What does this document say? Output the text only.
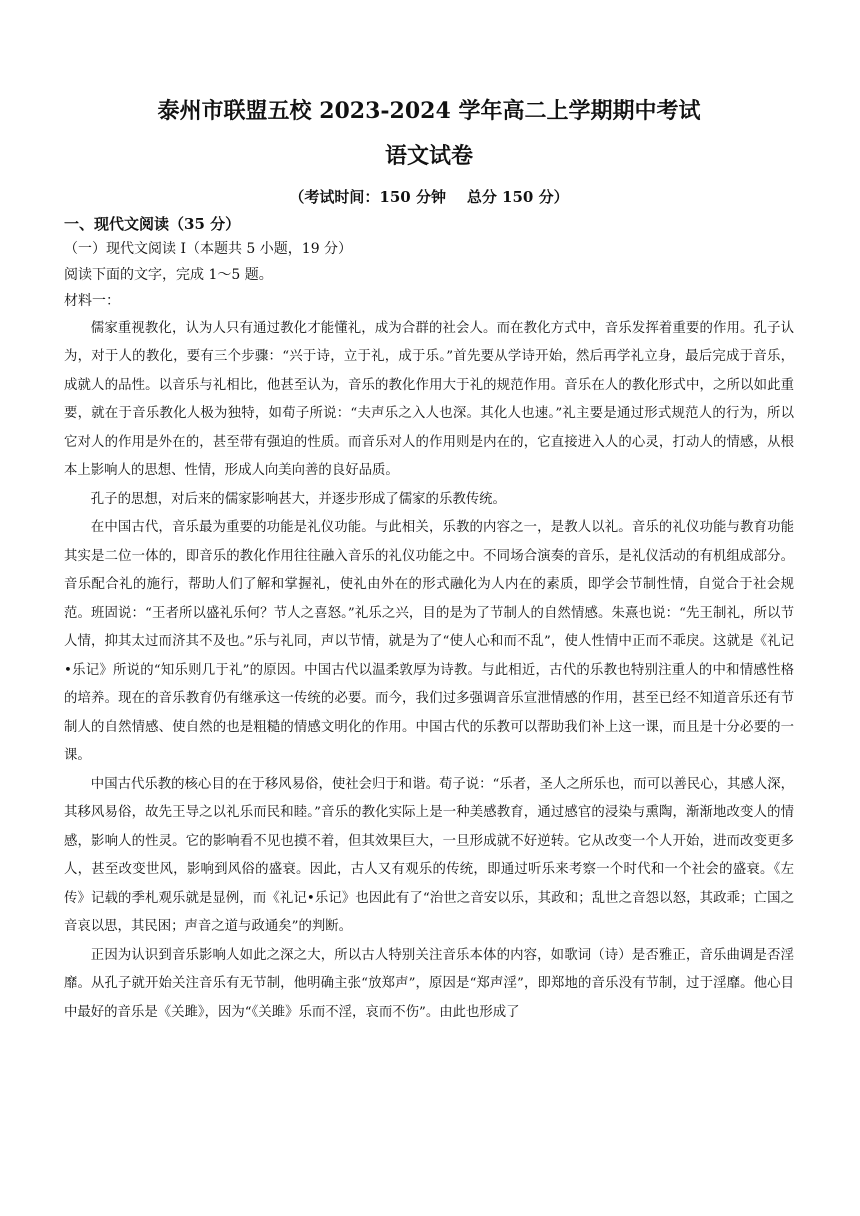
泰州市联盟五校 2023-2024 学年高二上学期期中考试
语文试卷
（考试时间：150 分钟    总分 150 分）
一、现代文阅读（35 分）
（一）现代文阅读 I（本题共 5 小题，19 分）
阅读下面的文字，完成 1～5 题。
材料一：

儒家重视教化，认为人只有通过教化才能懂礼，成为合群的社会人。而在教化方式中，音乐发挥着重要的作用。孔子认为，对于人的教化，要有三个步骤：“兴于诗，立于礼，成于乐。”首先要从学诗开始，然后再学礼立身，最后完成于音乐，成就人的品性。以音乐与礼相比，他甚至认为，音乐的教化作用大于礼的规范作用。音乐在人的教化形式中，之所以如此重要，就在于音乐教化人极为独特，如荀子所说：“夫声乐之入人也深。其化人也速。”礼主要是通过形式规范人的行为，所以它对人的作用是外在的，甚至带有强迫的性质。而音乐对人的作用则是内在的，它直接进入人的心灵，打动人的情感，从根本上影响人的思想、性情，形成人向美向善的良好品质。

孔子的思想，对后来的儒家影响甚大，并逐步形成了儒家的乐教传统。

在中国古代，音乐最为重要的功能是礼仪功能。与此相关，乐教的内容之一，是教人以礼。音乐的礼仪功能与教育功能其实是二位一体的，即音乐的教化作用往往融入音乐的礼仪功能之中。不同场合演奏的音乐，是礼仪活动的有机组成部分。音乐配合礼的施行，帮助人们了解和掌握礼，使礼由外在的形式融化为人内在的素质，即学会节制性情，自觉合于社会规范。班固说：“王者所以盛礼乐何？节人之喜怒。”礼乐之兴，目的是为了节制人的自然情感。朱熹也说：“先王制礼，所以节人情，抑其太过而济其不及也。”乐与礼同，声以节情，就是为了“使人心和而不乱”，使人性情中正而不乖戾。这就是《礼记•乐记》所说的“知乐则几于礼”的原因。中国古代以温柔敦厚为诗教。与此相近，古代的乐教也特别注重人的中和情感性格的培养。现在的音乐教育仍有继承这一传统的必要。而今，我们过多强调音乐宣泄情感的作用，甚至已经不知道音乐还有节制人的自然情感、使自然的也是粗糙的情感文明化的作用。中国古代的乐教可以帮助我们补上这一课，而且是十分必要的一课。

中国古代乐教的核心目的在于移风易俗，使社会归于和谐。荀子说：“乐者，圣人之所乐也，而可以善民心，其感人深，其移风易俗，故先王导之以礼乐而民和睦。”音乐的教化实际上是一种美感教育，通过感官的浸染与熏陶，渐渐地改变人的情感，影响人的性灵。它的影响看不见也摸不着，但其效果巨大，一旦形成就不好逆转。它从改变一个人开始，进而改变更多人，甚至改变世风，影响到风俗的盛衰。因此，古人又有观乐的传统，即通过听乐来考察一个时代和一个社会的盛衰。《左传》记载的季札观乐就是显例，而《礼记•乐记》也因此有了“治世之音安以乐，其政和；乱世之音怨以怒，其政乖；亡国之音哀以思，其民困；声音之道与政通矣”的判断。

正因为认识到音乐影响人如此之深之大，所以古人特别关注音乐本体的内容，如歌词（诗）是否雅正，音乐曲调是否淫靡。从孔子就开始关注音乐有无节制，他明确主张“放郑声”，原因是“郑声淫”，即郑地的音乐没有节制，过于淫靡。他心目中最好的音乐是《关雎》，因为“《关雎》乐而不淫，哀而不伤”。由此也形成了
